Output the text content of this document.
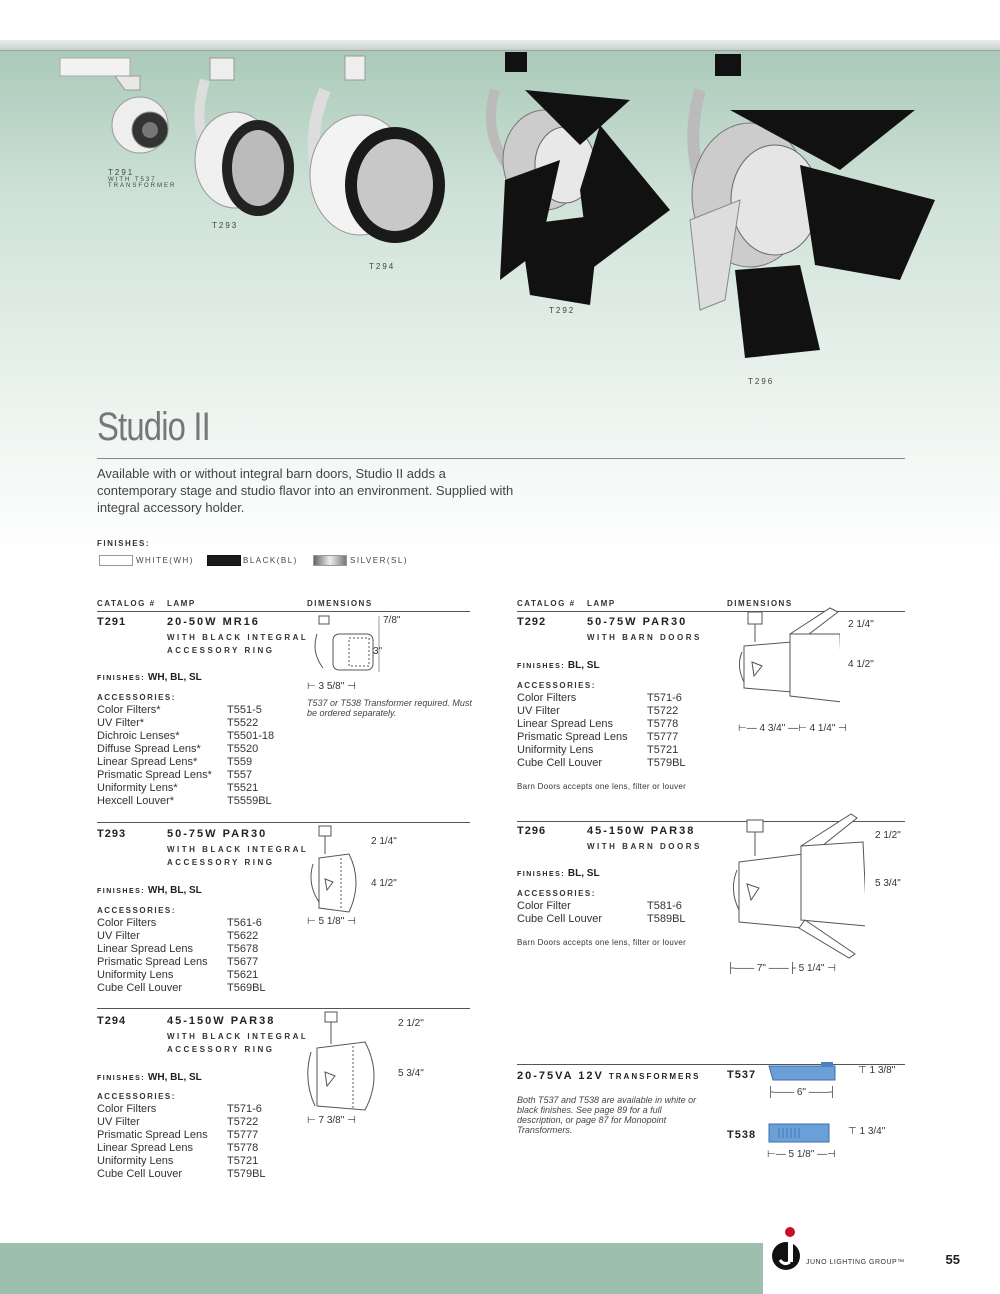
T291
WITH T537
TRANSFORMER
T293
T294
T292
T296
Studio II
Available with or without integral barn doors, Studio II adds a contemporary stage and studio flavor into an environment. Supplied with integral accessory holder.
FINISHES:
WHITE(WH)	BLACK(BL)	SILVER(SL)
CATALOG # LAMP	DIMENSIONS	CATALOG # LAMP	DIMENSIONS
T291	20-50W MR16
WITH BLACK INTEGRAL
ACCESSORY RING
FINISHES: WH, BL, SL
ACCESSORIES:
Color Filters*	T551-5
UV Filter*	T5522
Dichroic Lenses*	T5501-18
Diffuse Spread Lens* T5520
Linear Spread Lens*	T559
Prismatic Spread Lens* T557
Uniformity Lens*	T5521
Hexcell Louver*	T5559BL
7/8"
3"
⊢ 3 5/8" ⊣
T537 or T538 Transformer required. Must be ordered separately.
T293	50-75W PAR30
WITH BLACK INTEGRAL
ACCESSORY RING
FINISHES: WH, BL, SL
ACCESSORIES:
Color Filters	T561-6
UV Filter	T5622
Linear Spread Lens	T5678
Prismatic Spread Lens T5677
Uniformity Lens	T5621
Cube Cell Louver	T569BL
2 1/4"
4 1/2"
⊢ 5 1/8" ⊣
T294	45-150W PAR38
WITH BLACK INTEGRAL
ACCESSORY RING
FINISHES: WH, BL, SL
ACCESSORIES:
Color Filters	T571-6
UV Filter	T5722
Prismatic Spread Lens T5777
Linear Spread Lens	T5778
Uniformity Lens	T5721
Cube Cell Louver	T579BL
2 1/2"
5 3/4"
⊢ 7 3/8" ⊣
T292	50-75W PAR30
WITH BARN DOORS
FINISHES: BL, SL
ACCESSORIES:
Color Filters	T571-6
UV Filter	T5722
Linear Spread Lens	T5778
Prismatic Spread Lens T5777
Uniformity Lens	T5721
Cube Cell Louver	T579BL
Barn Doors accepts one lens, filter or louver
2 1/4"
4 1/2"
⊢— 4 3/4" —⊢ 4 1/4" ⊣
T296	45-150W PAR38
WITH BARN DOORS
FINISHES: BL, SL
ACCESSORIES:
Color Filter	T581-6
Cube Cell Louver	T589BL
Barn Doors accepts one lens, filter or louver
2 1/2"
5 3/4"
├—— 7" ——├ 5 1/4" ⊣
20-75VA 12V TRANSFORMERS
Both T537 and T538 are available in white or black finishes. See page 89 for a full description, or page 87 for Monopoint Transformers.
T537	⊤ 1 3/8"
├—— 6" ——┤
T538	⊤ 1 3/4"
⊢— 5 1/8" —⊣
JUNO LIGHTING GROUP™	55
